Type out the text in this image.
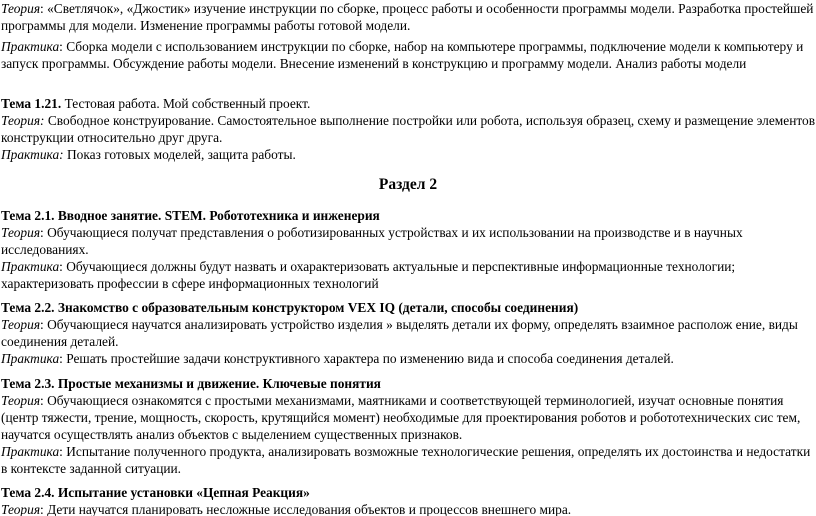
Теория: «Светлячок», «Джостик» изучение инструкции по сборке, процесс работы и особенности программы модели. Разработка простейшей
программы для модели. Изменение программы работы готовой модели.
Практика: Сборка модели с использованием инструкции по сборке, набор на компьютере программы, подключение модели к компьютеру и
запуск программы. Обсуждение работы модели. Внесение изменений в конструкцию и программу модели. Анализ работы модели
Тема 1.21. Тестовая работа. Мой собственный проект.
Теория: Свободное конструирование. Самостоятельное выполнение постройки или робота, используя образец, схему и размещение элементов
конструкции относительно друг друга.
Практика: Показ готовых моделей, защита работы.
Раздел 2
Тема 2.1. Вводное занятие. STEM. Робототехника и инженерия
Теория: Обучающиеся получат представления о роботизированных устройствах и их использовании на производстве и в научных
исследованиях.
Практика: Обучающиеся должны будут назвать и охарактеризовать актуальные и перспективные информационные технологии;
характеризовать профессии в сфере информационных технологий
Тема 2.2. Знакомство с образовательным конструктором VEX IQ (детали, способы соединения)
Теория: Обучающиеся научатся анализировать устройство изделия » выделять детали их форму, определять взаимное располож ение, виды
соединения деталей.
Практика: Решать простейшие задачи конструктивного характера по изменению вида и способа соединения деталей.
Тема 2.3. Простые механизмы и движение. Ключевые понятия
Теория: Обучающиеся ознакомятся с простыми механизмами, маятниками и соответствующей терминологией, изучат основные понятия
(центр тяжести, трение, мощность, скорость, крутящийся момент) необходимые для проектирования роботов и робототехнических сис тем,
научатся осуществлять анализ объектов с выделением существенных признаков.
Практика: Испытание полученного продукта, анализировать возможные технологические решения, определять их достоинства и недостатки
в контексте заданной ситуации.
Тема 2.4. Испытание установки «Цепная Реакция»
Теория: Дети научатся планировать несложные исследования объектов и процессов внешнего мира.
